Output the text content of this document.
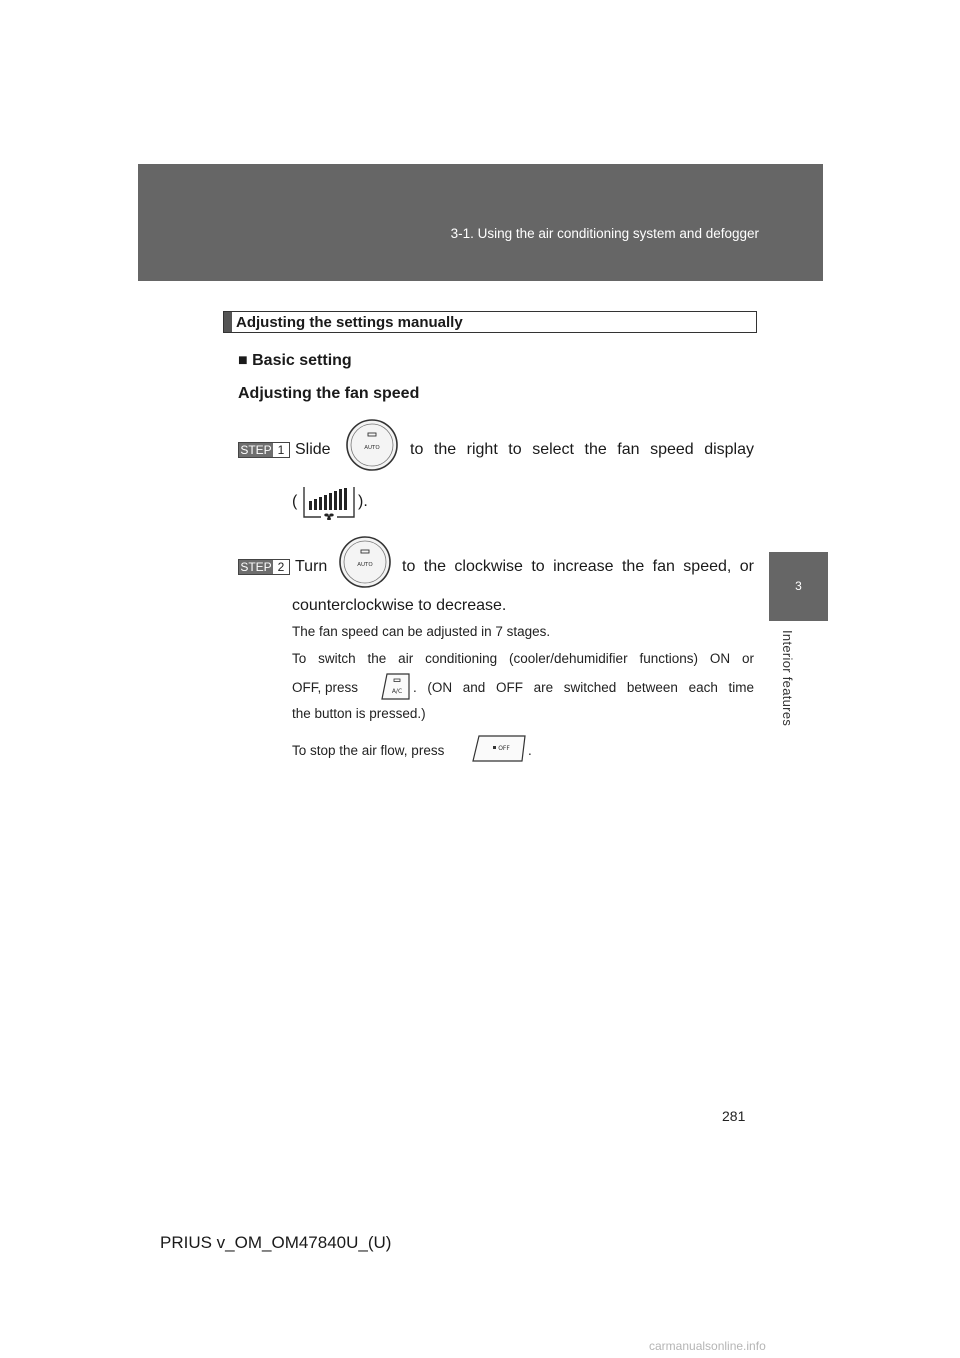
3-1. Using the air conditioning system and defogger
3
Interior features
Adjusting the settings manually
■ Basic setting
Adjusting the fan speed
STEP 1 Slide	AUTO to the right to select the fan speed display
(	).
STEP 2 Turn	AUTO to the clockwise to increase the fan speed, or
counterclockwise to decrease.
The fan speed can be adjusted in 7 stages.
To switch the air conditioning (cooler/dehumidifier functions) ON or
OFF, press	A/C . (ON and OFF are switched between each time
the button is pressed.)
To stop the air flow, press	OFF .
281
PRIUS v_OM_OM47840U_(U)
carmanualsonline.info
